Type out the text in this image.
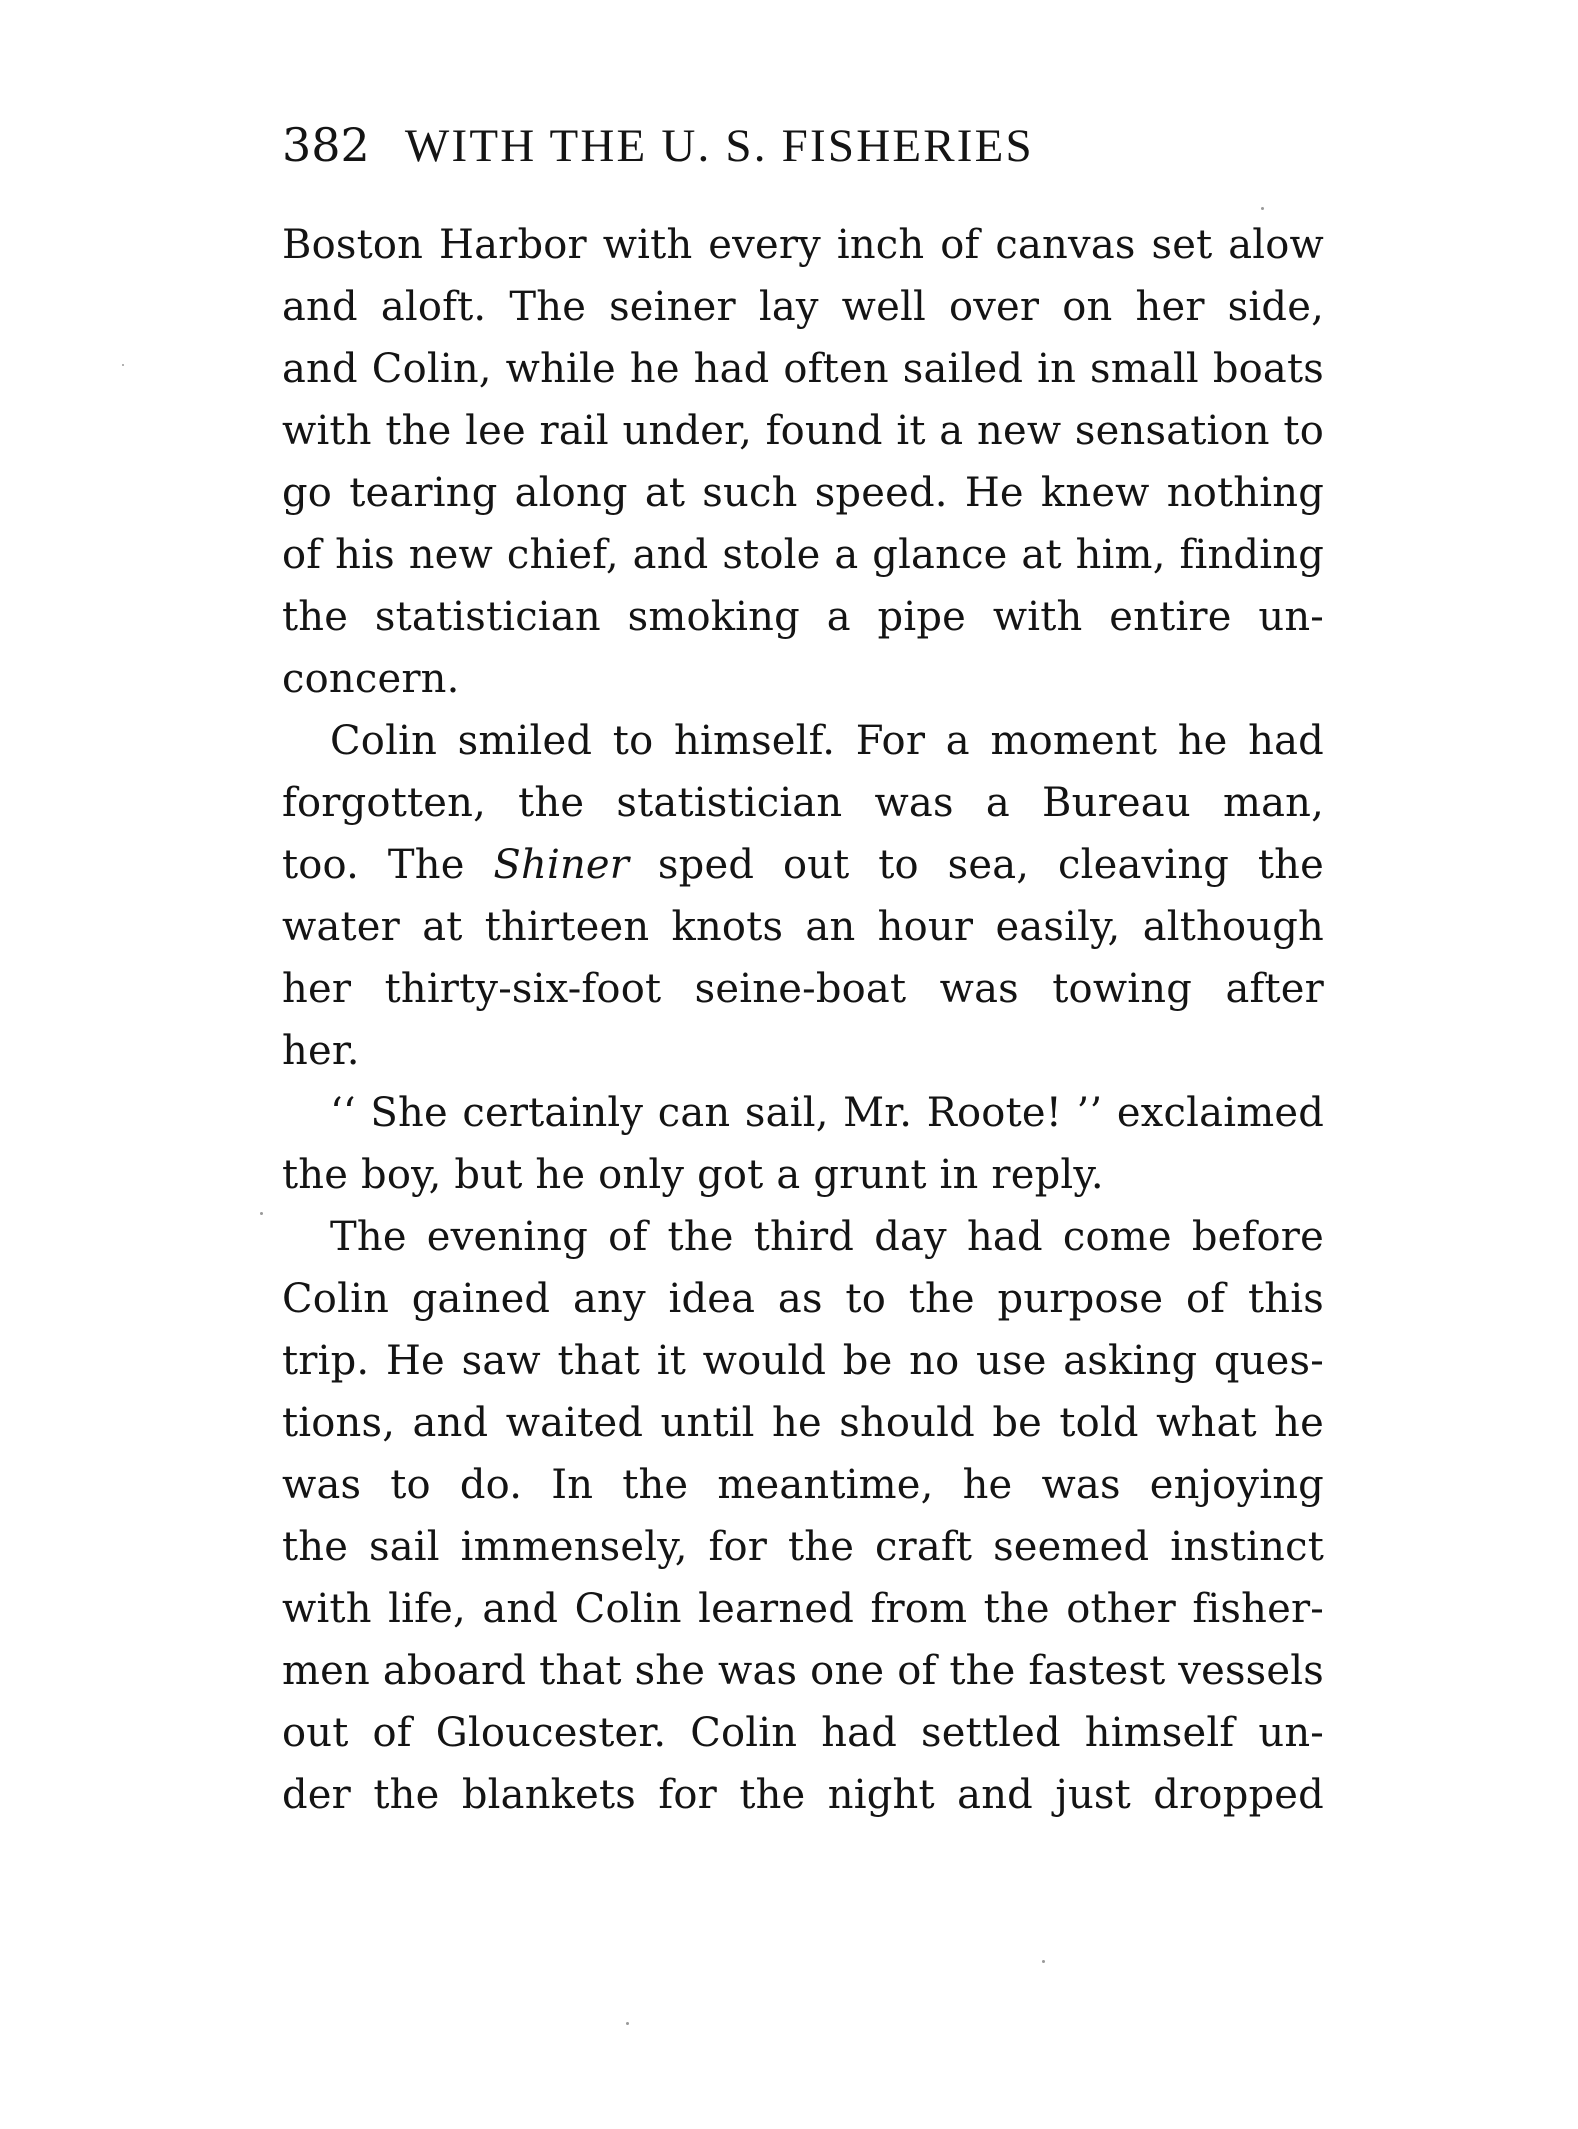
382 WITH THE U. S. FISHERIES
Boston Harbor with every inch of canvas set alow
and aloft. The seiner lay well over on her side,
and Colin, while he had often sailed in small boats
with the lee rail under, found it a new sensation to
go tearing along at such speed. He knew nothing
of his new chief, and stole a glance at him, finding
the statistician smoking a pipe with entire un-
concern.
Colin smiled to himself. For a moment he had
forgotten, the statistician was a Bureau man,
too. The Shiner sped out to sea, cleaving the
water at thirteen knots an hour easily, although
her thirty-six-foot seine-boat was towing after
her.
‘‘ She certainly can sail, Mr. Roote! ’’ exclaimed
the boy, but he only got a grunt in reply.
The evening of the third day had come before
Colin gained any idea as to the purpose of this
trip. He saw that it would be no use asking ques-
tions, and waited until he should be told what he
was to do. In the meantime, he was enjoying
the sail immensely, for the craft seemed instinct
with life, and Colin learned from the other fisher-
men aboard that she was one of the fastest vessels
out of Gloucester. Colin had settled himself un-
der the blankets for the night and just dropped
